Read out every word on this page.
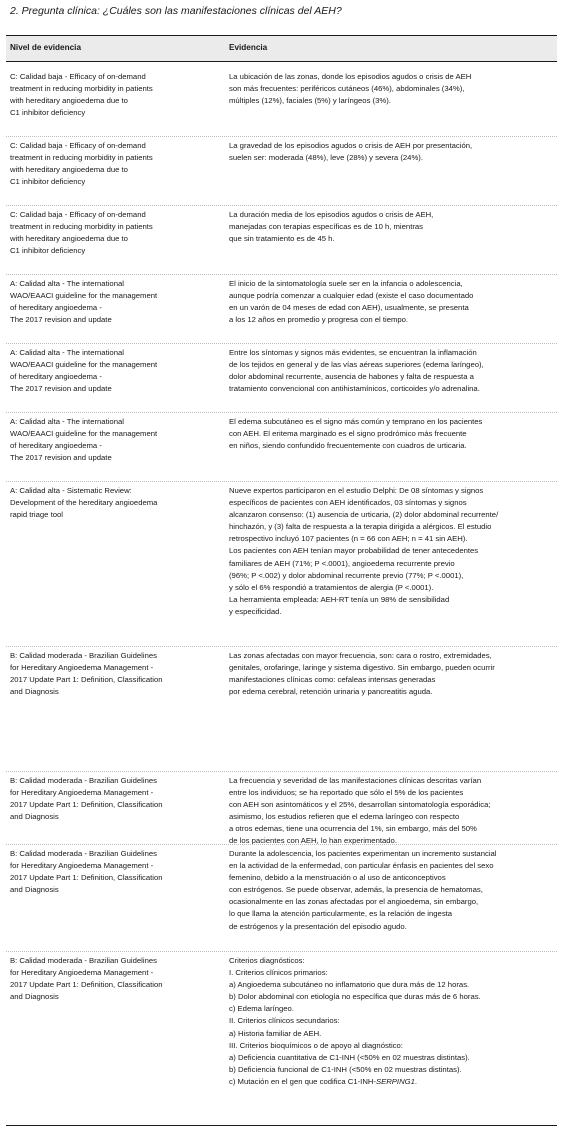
2. Pregunta clínica: ¿Cuáles son las manifestaciones clínicas del AEH?
Nivel de evidencia	Evidencia
C: Calidad baja - Efficacy of on-demand
treatment in reducing morbidity in patients
with hereditary angioedema due to
C1 inhibitor deficiency
La ubicación de las zonas, donde los episodios agudos o crisis de AEH
son más frecuentes: periféricos cutáneos (46%), abdominales (34%),
múltiples (12%), faciales (5%) y laríngeos (3%).
C: Calidad baja - Efficacy of on-demand
treatment in reducing morbidity in patients
with hereditary angioedema due to
C1 inhibitor deficiency
La gravedad de los episodios agudos o crisis de AEH por presentación,
suelen ser: moderada (48%), leve (28%) y severa (24%).
C: Calidad baja - Efficacy of on-demand
treatment in reducing morbidity in patients
with hereditary angioedema due to
C1 inhibitor deficiency
La duración media de los episodios agudos o crisis de AEH,
manejadas con terapias específicas es de 10 h, mientras
que sin tratamiento es de 45 h.
A: Calidad alta - The international
WAO/EAACI guideline for the management
of hereditary angioedema -
The 2017 revision and update
El inicio de la sintomatología suele ser en la infancia o adolescencia,
aunque podría comenzar a cualquier edad (existe el caso documentado
en un varón de 04 meses de edad con AEH), usualmente, se presenta
a los 12 años en promedio y progresa con el tiempo.
A: Calidad alta - The international
WAO/EAACI guideline for the management
of hereditary angioedema -
The 2017 revision and update
Entre los síntomas y signos más evidentes, se encuentran la inflamación
de los tejidos en general y de las vías aéreas superiores (edema laríngeo),
dolor abdominal recurrente, ausencia de habones y falta de respuesta a
tratamiento convencional con antihistamínicos, corticoides y/o adrenalina.
A: Calidad alta - The international
WAO/EAACI guideline for the management
of hereditary angioedema -
The 2017 revision and update
El edema subcutáneo es el signo más común y temprano en los pacientes
con AEH. El eritema marginado es el signo prodrómico más frecuente
en niños, siendo confundido frecuentemente con cuadros de urticaria.
A: Calidad alta - Sistematic Review:
Development of the hereditary angioedema
rapid triage tool
Nueve expertos participaron en el estudio Delphi: De 08 síntomas y signos
específicos de pacientes con AEH identificados, 03 síntomas y signos
alcanzaron consenso: (1) ausencia de urticaria, (2) dolor abdominal recurrente/
hinchazón, y (3) falta de respuesta a la terapia dirigida a alérgicos. El estudio
retrospectivo incluyó 107 pacientes (n = 66 con AEH; n = 41 sin AEH).
Los pacientes con AEH tenían mayor probabilidad de tener antecedentes
familiares de AEH (71%; P <.0001), angioedema recurrente previo
(96%; P <.002) y dolor abdominal recurrente previo (77%; P <.0001),
y sólo el 6% respondió a tratamientos de alergia (P <.0001).
La herramienta empleada: AEH-RT tenía un 98% de sensibilidad
y especificidad.
B: Calidad moderada - Brazilian Guidelines
for Hereditary Angioedema Management -
2017 Update Part 1: Definition, Classification
and Diagnosis
Las zonas afectadas con mayor frecuencia, son: cara o rostro, extremidades,
genitales, orofaringe, laringe y sistema digestivo. Sin embargo, pueden ocurrir
manifestaciones clínicas como: cefaleas intensas generadas
por edema cerebral, retención urinaria y pancreatitis aguda.
B: Calidad moderada - Brazilian Guidelines
for Hereditary Angioedema Management -
2017 Update Part 1: Definition, Classification
and Diagnosis
La frecuencia y severidad de las manifestaciones clínicas descritas varían
entre los individuos; se ha reportado que sólo el 5% de los pacientes
con AEH son asintomáticos y el 25%, desarrollan sintomatología esporádica;
asimismo, los estudios refieren que el edema laríngeo con respecto
a otros edemas, tiene una ocurrencia del 1%, sin embargo, más del 50%
de los pacientes con AEH, lo han experimentado.
B: Calidad moderada - Brazilian Guidelines
for Hereditary Angioedema Management -
2017 Update Part 1: Definition, Classification
and Diagnosis
Durante la adolescencia, los pacientes experimentan un incremento sustancial
en la actividad de la enfermedad, con particular énfasis en pacientes del sexo
femenino, debido a la menstruación o al uso de anticonceptivos
con estrógenos. Se puede observar, además, la presencia de hematomas,
ocasionalmente en las zonas afectadas por el angioedema, sin embargo,
lo que llama la atención particularmente, es la relación de ingesta
de estrógenos y la presentación del episodio agudo.
B: Calidad moderada - Brazilian Guidelines
for Hereditary Angioedema Management -
2017 Update Part 1: Definition, Classification
and Diagnosis
Criterios diagnósticos:
I. Criterios clínicos primarios:
a) Angioedema subcutáneo no inflamatorio que dura más de 12 horas.
b) Dolor abdominal con etiología no específica que duras más de 6 horas.
c) Edema laríngeo.
II. Criterios clínicos secundarios:
a) Historia familiar de AEH.
III. Criterios bioquímicos o de apoyo al diagnóstico:
a) Deficiencia cuantitativa de C1-INH (<50% en 02 muestras distintas).
b) Deficiencia funcional de C1-INH (<50% en 02 muestras distintas).
c) Mutación en el gen que codifica C1-INH-SERPING1.
